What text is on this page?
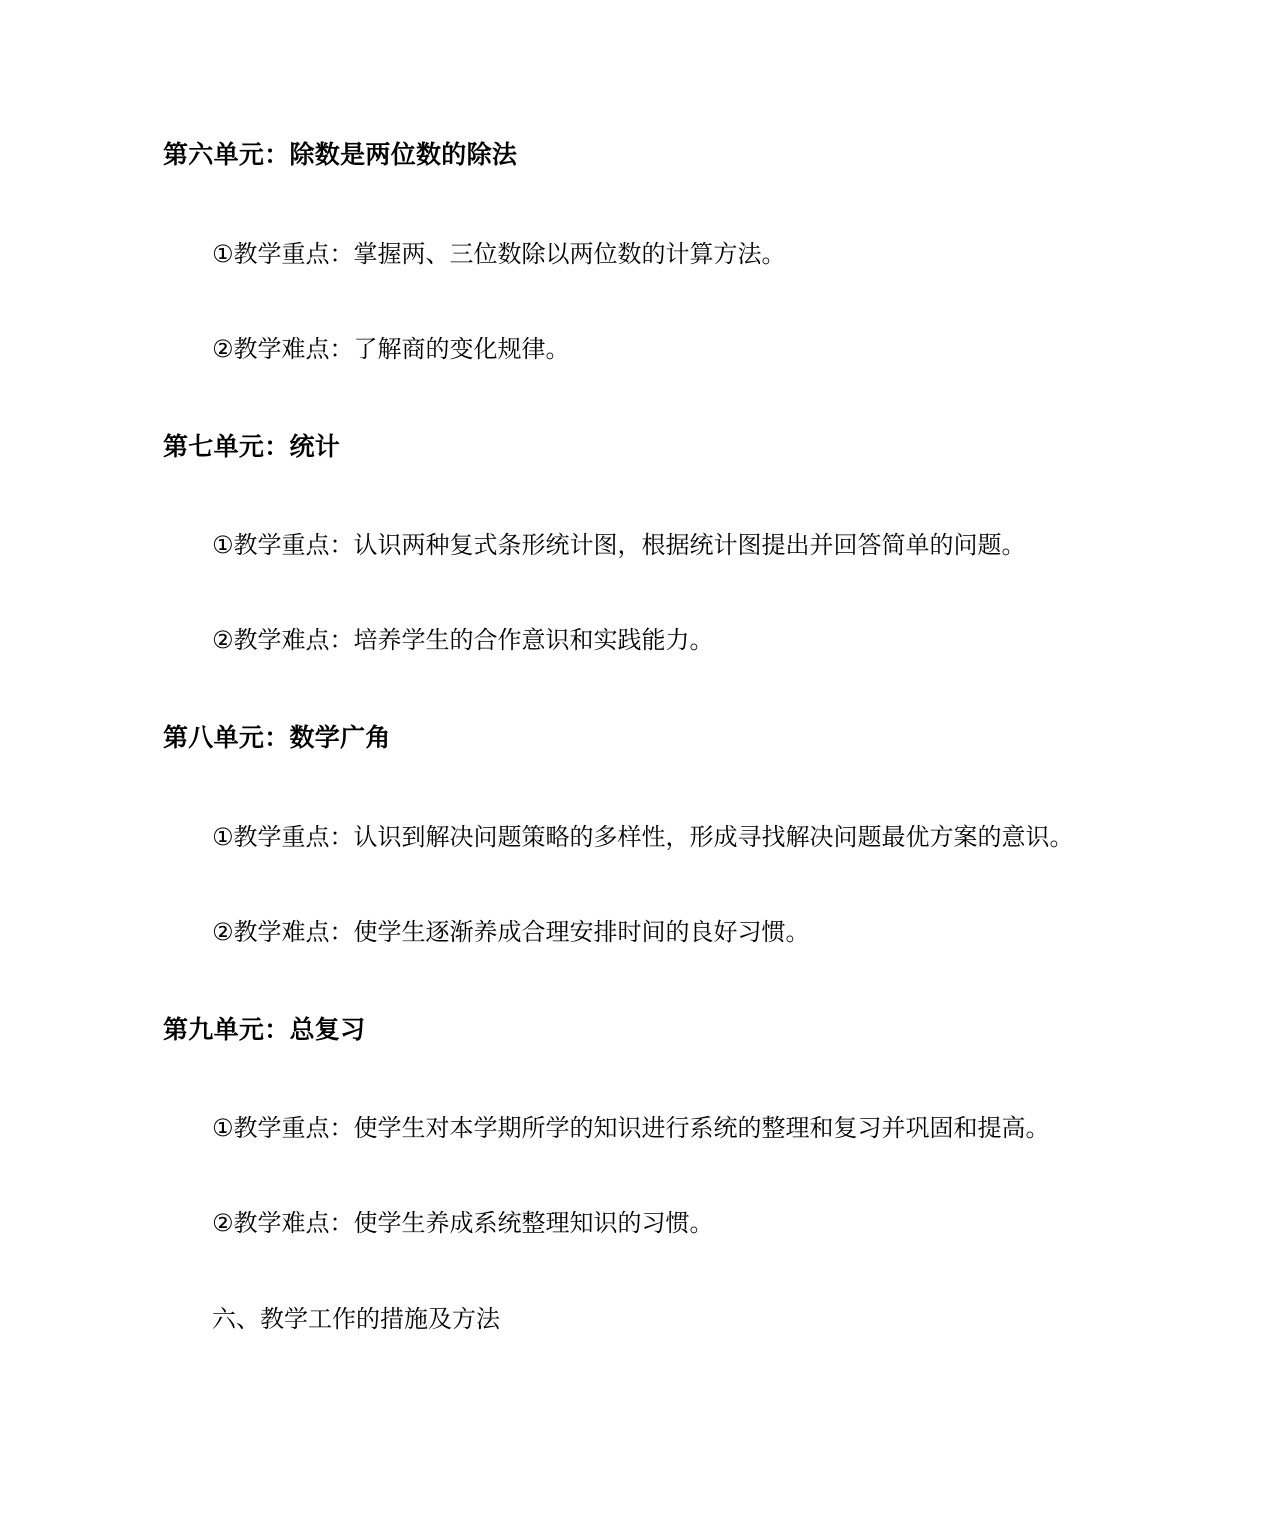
第六单元：除数是两位数的除法
①教学重点：掌握两、三位数除以两位数的计算方法。
②教学难点：了解商的变化规律。
第七单元：统计
①教学重点：认识两种复式条形统计图，根据统计图提出并回答简单的问题。
②教学难点：培养学生的合作意识和实践能力。
第八单元：数学广角
①教学重点：认识到解决问题策略的多样性，形成寻找解决问题最优方案的意识。
②教学难点：使学生逐渐养成合理安排时间的良好习惯。
第九单元：总复习
①教学重点：使学生对本学期所学的知识进行系统的整理和复习并巩固和提高。
②教学难点：使学生养成系统整理知识的习惯。
六、教学工作的措施及方法
